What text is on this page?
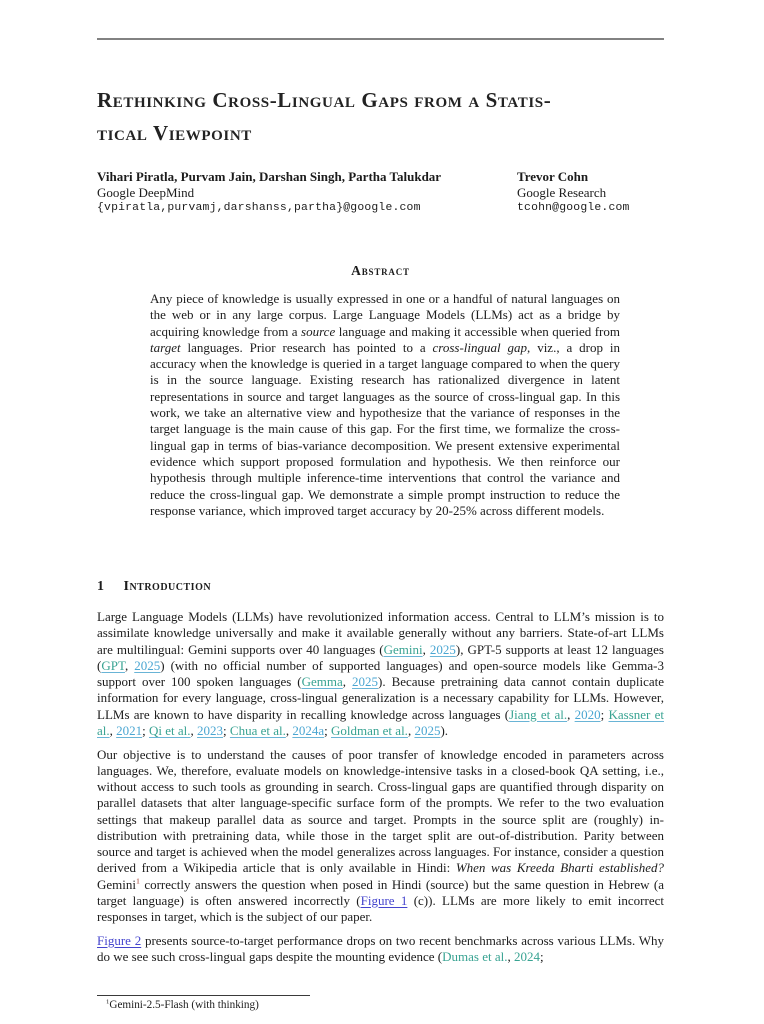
Rethinking Cross-Lingual Gaps from a Statis-
tical Viewpoint
Vihari Piratla, Purvam Jain, Darshan Singh, Partha Talukdar
Google DeepMind
{vpiratla,purvamj,darshanss,partha}@google.com
Trevor Cohn
Google Research
tcohn@google.com
Abstract
Any piece of knowledge is usually expressed in one or a handful of natural languages on the web or in any large corpus. Large Language Models (LLMs) act as a bridge by acquiring knowledge from a source language and making it accessible when queried from target languages. Prior research has pointed to a cross-lingual gap, viz., a drop in accuracy when the knowledge is queried in a target language compared to when the query is in the source language. Existing research has rationalized divergence in latent representations in source and target languages as the source of cross-lingual gap. In this work, we take an alternative view and hypothesize that the variance of responses in the target language is the main cause of this gap. For the first time, we formalize the cross-lingual gap in terms of bias-variance decomposition. We present extensive experimental evidence which support proposed formulation and hypothesis. We then reinforce our hypothesis through multiple inference-time interventions that control the variance and reduce the cross-lingual gap. We demonstrate a simple prompt instruction to reduce the response variance, which improved target accuracy by 20-25% across different models.
1 Introduction

Large Language Models (LLMs) have revolutionized information access. Central to LLM’s mission is to assimilate knowledge universally and make it available generally without any barriers. State-of-art LLMs are multilingual: Gemini supports over 40 languages (Gemini, 2025), GPT-5 supports at least 12 languages (GPT, 2025) (with no official number of supported languages) and open-source models like Gemma-3 support over 100 spoken languages (Gemma, 2025). Because pretraining data cannot contain duplicate information for every language, cross-lingual generalization is a necessary capability for LLMs. However, LLMs are known to have disparity in recalling knowledge across languages (Jiang et al., 2020; Kassner et al., 2021; Qi et al., 2023; Chua et al., 2024a; Goldman et al., 2025).

Our objective is to understand the causes of poor transfer of knowledge encoded in parameters across languages. We, therefore, evaluate models on knowledge-intensive tasks in a closed-book QA setting, i.e., without access to such tools as grounding in search. Cross-lingual gaps are quantified through disparity on parallel datasets that alter language-specific surface form of the prompts. We refer to the two evaluation settings that makeup parallel data as source and target. Prompts in the source split are (roughly) in-distribution with pretraining data, while those in the target split are out-of-distribution. Parity between source and target is achieved when the model generalizes across languages. For instance, consider a question derived from a Wikipedia article that is only available in Hindi: When was Kreeda Bharti established? Gemini$^1$ correctly answers the question when posed in Hindi (source) but the same question in Hebrew (a target language) is often answered incorrectly (Figure 1 (c)). LLMs are more likely to emit incorrect responses in target, which is the subject of our paper.

Figure 2 presents source-to-target performance drops on two recent benchmarks across various LLMs. Why do we see such cross-lingual gaps despite the mounting evidence (Dumas et al., 2024;

$^1$Gemini-2.5-Flash (with thinking)
